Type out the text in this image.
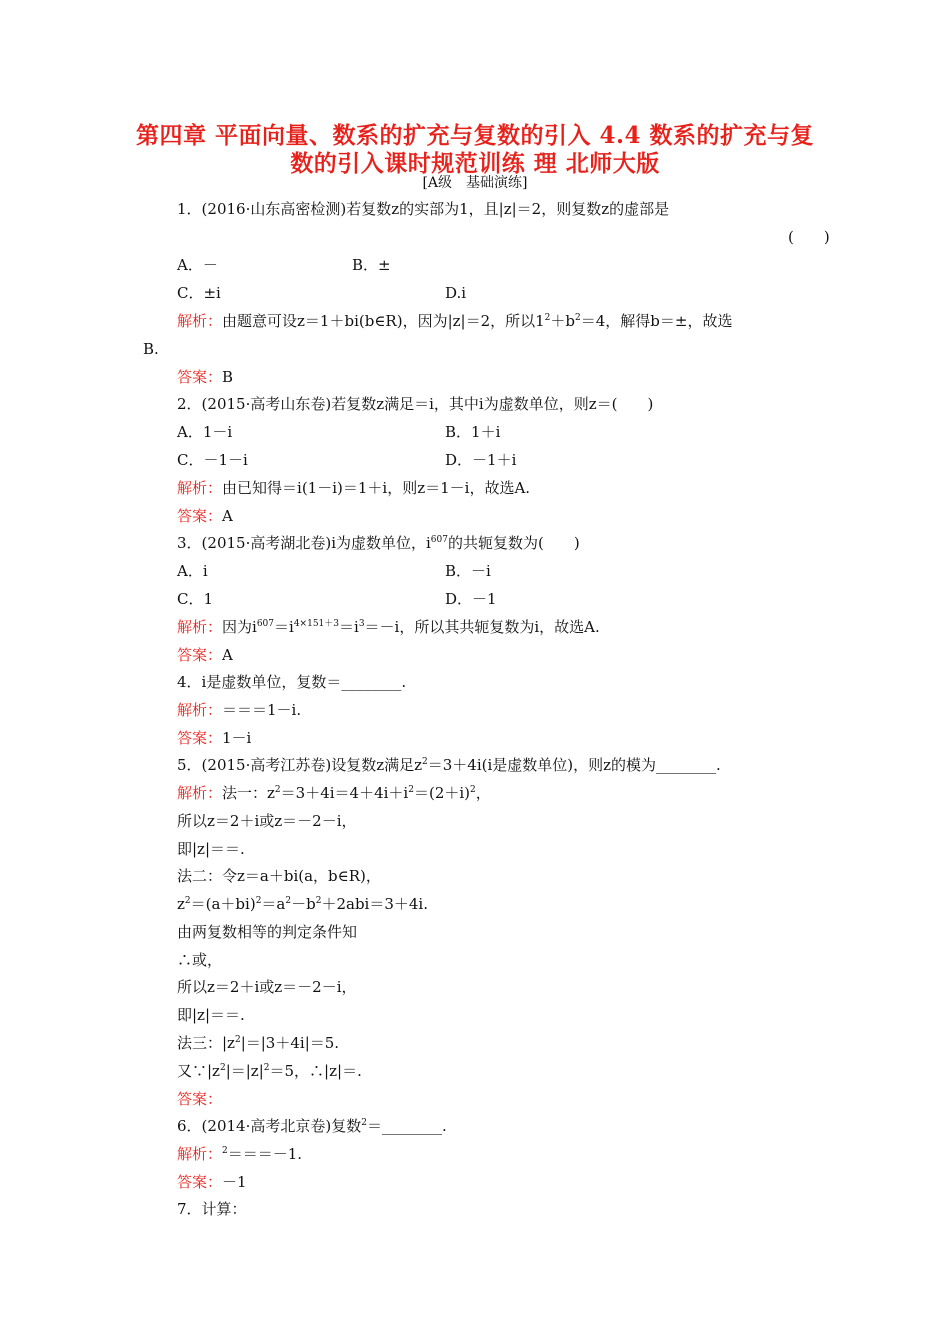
第四章 平面向量、数系的扩充与复数的引入 4.4 数系的扩充与复数的引入课时规范训练 理 北师大版
[A级　基础演练]
1．(2016·山东高密检测)若复数z的实部为1，且|z|＝2，则复数z的虚部是
(　　)
A．－	B．±
C．±i	D.i
解析：由题意可设z＝1＋bi(b∈R)，因为|z|＝2，所以$1^2+b^2=4$，解得b＝±，故选
B.
答案：B
2．(2015·高考山东卷)若复数z满足＝i，其中i为虚数单位，则z＝(　　)
A．1－i	B．1＋i
C．－1－i	D．－1＋i
解析：由已知得＝i(1－i)＝1＋i，则z＝1－i，故选A.
答案：A
3．(2015·高考湖北卷)i为虚数单位，$i^{607}$的共轭复数为(　　)
A．i	B．－i
C．1	D．－1
解析：因为$i^{607}=i^{4\times 151+3}=i^3=-i$，所以其共轭复数为i，故选A.
答案：A
4．i是虚数单位，复数＝________.
解析：＝＝＝1－i.
答案：1－i
5．(2015·高考江苏卷)设复数z满足$z^2=3+4i(i$是虚数单位)，则z的模为________.
解析：法一：$z^2=3+4i=4+4i+i^2=(2+i)^2$，
所以z＝2＋i或z＝－2－i，
即|z|＝＝.
法二：令z＝a＋bi(a，b∈R)，
$z^2=(a+bi)^2=a^2-b^2+2abi=3+4i$.
由两复数相等的判定条件知
∴或，
所以z＝2＋i或z＝－2－i，
即|z|＝＝.
法三：$|z^2|=|3+4i|=5$.
又$\because|z^2|=|z|^2=5$，∴|z|＝.
答案：
6．(2014·高考北京卷)复数$^2$＝________.
解析：$^2$＝＝＝－1.
答案：－1
7．计算：
